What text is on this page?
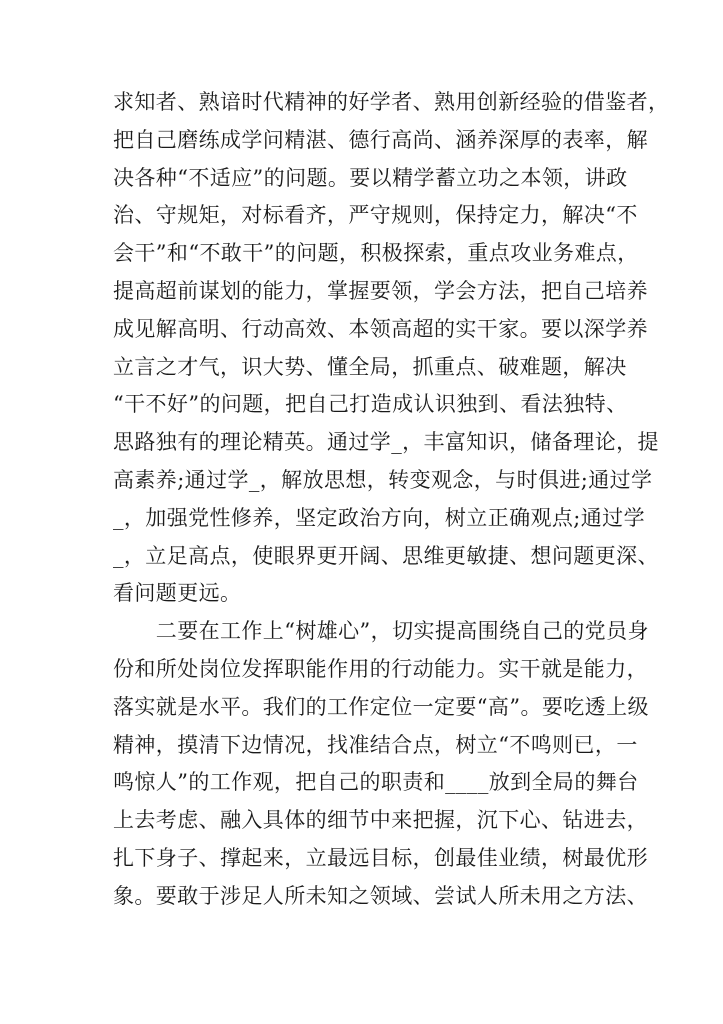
求知者、熟谙时代精神的好学者、熟用创新经验的借鉴者，
把自己磨练成学问精湛、德行高尚、涵养深厚的表率，解
决各种“不适应”的问题。要以精学蓄立功之本领，讲政
治、守规矩，对标看齐，严守规则，保持定力，解决“不
会干”和“不敢干”的问题，积极探索，重点攻业务难点，
提高超前谋划的能力，掌握要领，学会方法，把自己培养
成见解高明、行动高效、本领高超的实干家。要以深学养
立言之才气，识大势、懂全局，抓重点、破难题，解决
“干不好”的问题，把自己打造成认识独到、看法独特、
思路独有的理论精英。通过学_，丰富知识，储备理论，提
高素养;通过学_，解放思想，转变观念，与时俱进;通过学
_，加强党性修养，坚定政治方向，树立正确观点;通过学
_，立足高点，使眼界更开阔、思维更敏捷、想问题更深、
看问题更远。
　　二要在工作上“树雄心”，切实提高围绕自己的党员身
份和所处岗位发挥职能作用的行动能力。实干就是能力，
落实就是水平。我们的工作定位一定要“高”。要吃透上级
精神，摸清下边情况，找准结合点，树立“不鸣则已，一
鸣惊人”的工作观，把自己的职责和____放到全局的舞台
上去考虑、融入具体的细节中来把握，沉下心、钻进去，
扎下身子、撑起来，立最远目标，创最佳业绩，树最优形
象。要敢于涉足人所未知之领域、尝试人所未用之方法、
